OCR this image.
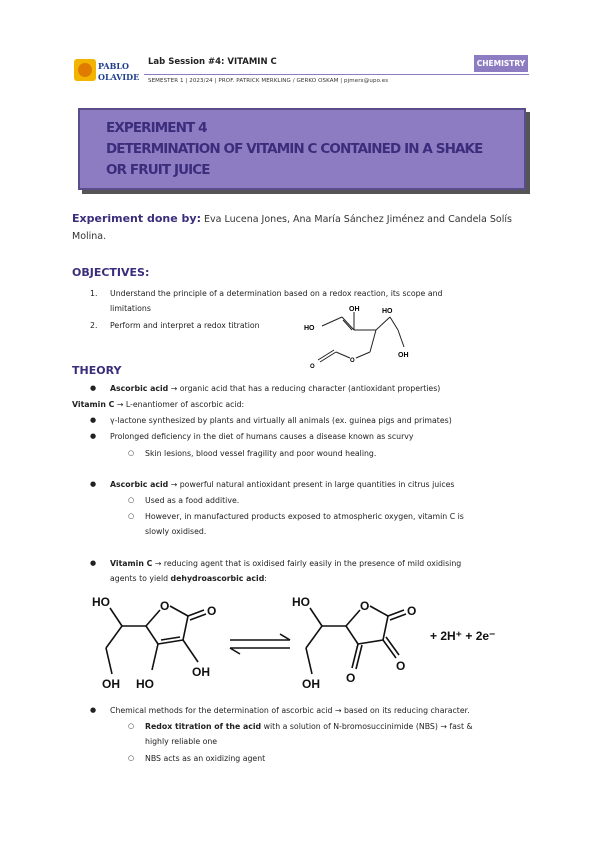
PABLO
OLAVIDE
Lab Session #4: VITAMIN C
SEMESTER 1 | 2023/24 | PROF. PATRICK MERKLING / GERKO OSKAM | pjmerx@upo.es
CHEMISTRY
EXPERIMENT 4
DETERMINATION OF VITAMIN C CONTAINED IN A SHAKE
OR FRUIT JUICE
Experiment done by: Eva Lucena Jones, Ana María Sánchez Jiménez and Candela Solís
Molina.
OBJECTIVES:
1. Understand the principle of a determination based on a redox reaction, its scope and
limitations
2. Perform and interpret a redox titration	HO
OH	HO
OH
O
O
THEORY
● Ascorbic acid → organic acid that has a reducing character (antioxidant properties)
Vitamin C → L-enantiomer of ascorbic acid:
● γ-lactone synthesized by plants and virtually all animals (ex. guinea pigs and primates)
● Prolonged deficiency in the diet of humans causes a disease known as scurvy
○ Skin lesions, blood vessel fragility and poor wound healing.
● Ascorbic acid → powerful natural antioxidant present in large quantities in citrus juices
○ Used as a food additive.
○ However, in manufactured products exposed to atmospheric oxygen, vitamin C is
slowly oxidised.
● Vitamin C → reducing agent that is oxidised fairly easily in the presence of mild oxidising
agents to yield dehydroascorbic acid:
HO
OH HO
OH
O	O
HO
OH
O	O
O
O
+ 2H⁺ + 2e⁻
● Chemical methods for the determination of ascorbic acid → based on its reducing character.
○ Redox titration of the acid with a solution of N-bromosuccinimide (NBS) → fast &
highly reliable one
○ NBS acts as an oxidizing agent
